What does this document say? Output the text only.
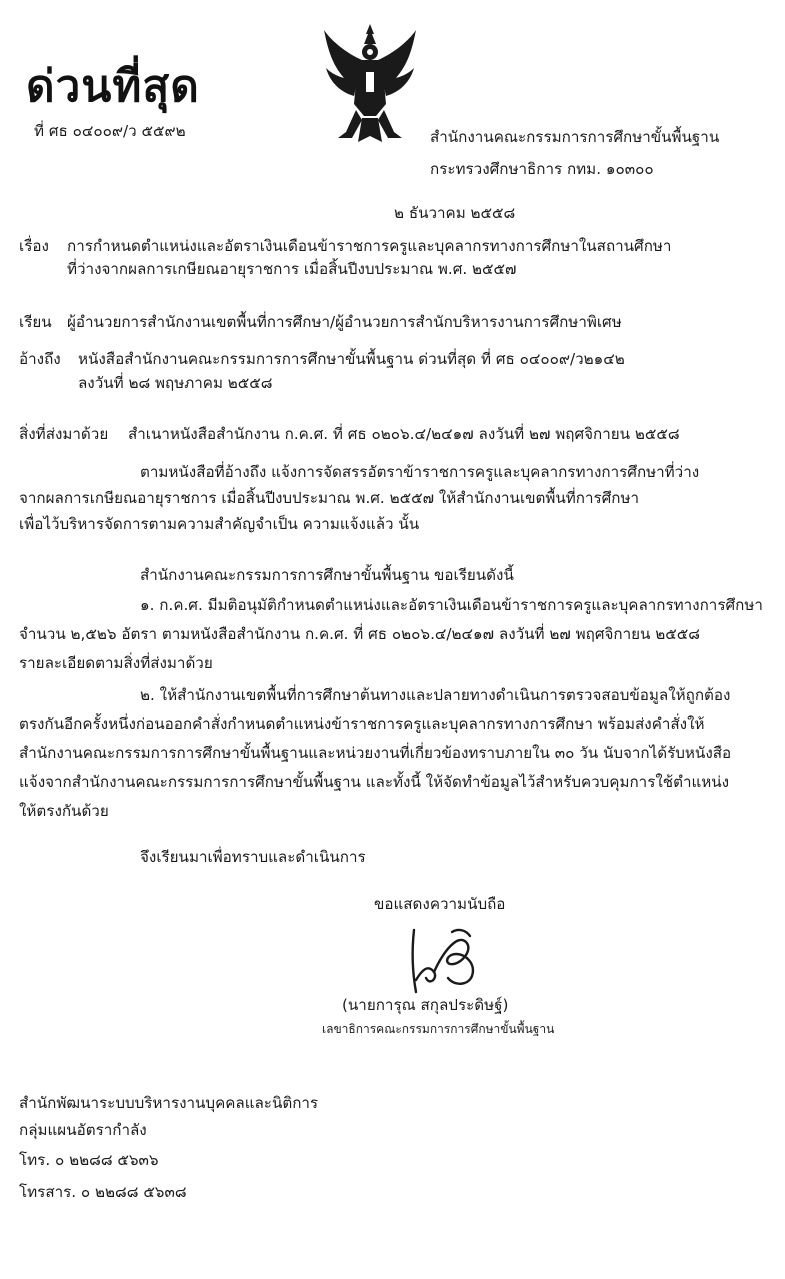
ด่วนที่สุด
ที่ ศธ ๐๔๐๐๙/ว ๕๕๙๒	สำนักงานคณะกรรมการการศึกษาขั้นพื้นฐาน
กระทรวงศึกษาธิการ กทม. ๑๐๓๐๐
๒ ธันวาคม ๒๕๕๘
เรื่อง การกำหนดตำแหน่งและอัตราเงินเดือนข้าราชการครูและบุคลากรทางการศึกษาในสถานศึกษา
ที่ว่างจากผลการเกษียณอายุราชการ เมื่อสิ้นปีงบประมาณ พ.ศ. ๒๕๕๗
เรียน ผู้อำนวยการสำนักงานเขตพื้นที่การศึกษา/ผู้อำนวยการสำนักบริหารงานการศึกษาพิเศษ
อ้างถึง หนังสือสำนักงานคณะกรรมการการศึกษาขั้นพื้นฐาน ด่วนที่สุด ที่ ศธ ๐๔๐๐๙/ว๒๑๔๒
ลงวันที่ ๒๘ พฤษภาคม ๒๕๕๘
สิ่งที่ส่งมาด้วย สำเนาหนังสือสำนักงาน ก.ค.ศ. ที่ ศธ ๐๒๐๖.๔/๒๔๑๗ ลงวันที่ ๒๗ พฤศจิกายน ๒๕๕๘
ตามหนังสือที่อ้างถึง แจ้งการจัดสรรอัตราข้าราชการครูและบุคลากรทางการศึกษาที่ว่าง
จากผลการเกษียณอายุราชการ เมื่อสิ้นปีงบประมาณ พ.ศ. ๒๕๕๗ ให้สำนักงานเขตพื้นที่การศึกษา
เพื่อไว้บริหารจัดการตามความสำคัญจำเป็น ความแจ้งแล้ว นั้น
สำนักงานคณะกรรมการการศึกษาขั้นพื้นฐาน ขอเรียนดังนี้
๑. ก.ค.ศ. มีมติอนุมัติกำหนดตำแหน่งและอัตราเงินเดือนข้าราชการครูและบุคลากรทางการศึกษา
จำนวน ๒,๕๒๖ อัตรา ตามหนังสือสำนักงาน ก.ค.ศ. ที่ ศธ ๐๒๐๖.๔/๒๔๑๗ ลงวันที่ ๒๗ พฤศจิกายน ๒๕๕๘
รายละเอียดตามสิ่งที่ส่งมาด้วย
๒. ให้สำนักงานเขตพื้นที่การศึกษาต้นทางและปลายทางดำเนินการตรวจสอบข้อมูลให้ถูกต้อง
ตรงกันอีกครั้งหนึ่งก่อนออกคำสั่งกำหนดตำแหน่งข้าราชการครูและบุคลากรทางการศึกษา พร้อมส่งคำสั่งให้
สำนักงานคณะกรรมการการศึกษาขั้นพื้นฐานและหน่วยงานที่เกี่ยวข้องทราบภายใน ๓๐ วัน นับจากได้รับหนังสือ
แจ้งจากสำนักงานคณะกรรมการการศึกษาขั้นพื้นฐาน และทั้งนี้ ให้จัดทำข้อมูลไว้สำหรับควบคุมการใช้ตำแหน่ง
ให้ตรงกันด้วย
จึงเรียนมาเพื่อทราบและดำเนินการ
ขอแสดงความนับถือ
(นายการุณ สกุลประดิษฐ์)
เลขาธิการคณะกรรมการการศึกษาขั้นพื้นฐาน
สำนักพัฒนาระบบบริหารงานบุคคลและนิติการ
กลุ่มแผนอัตรากำลัง
โทร. ๐ ๒๒๘๘ ๕๖๓๖
โทรสาร. ๐ ๒๒๘๘ ๕๖๓๘
